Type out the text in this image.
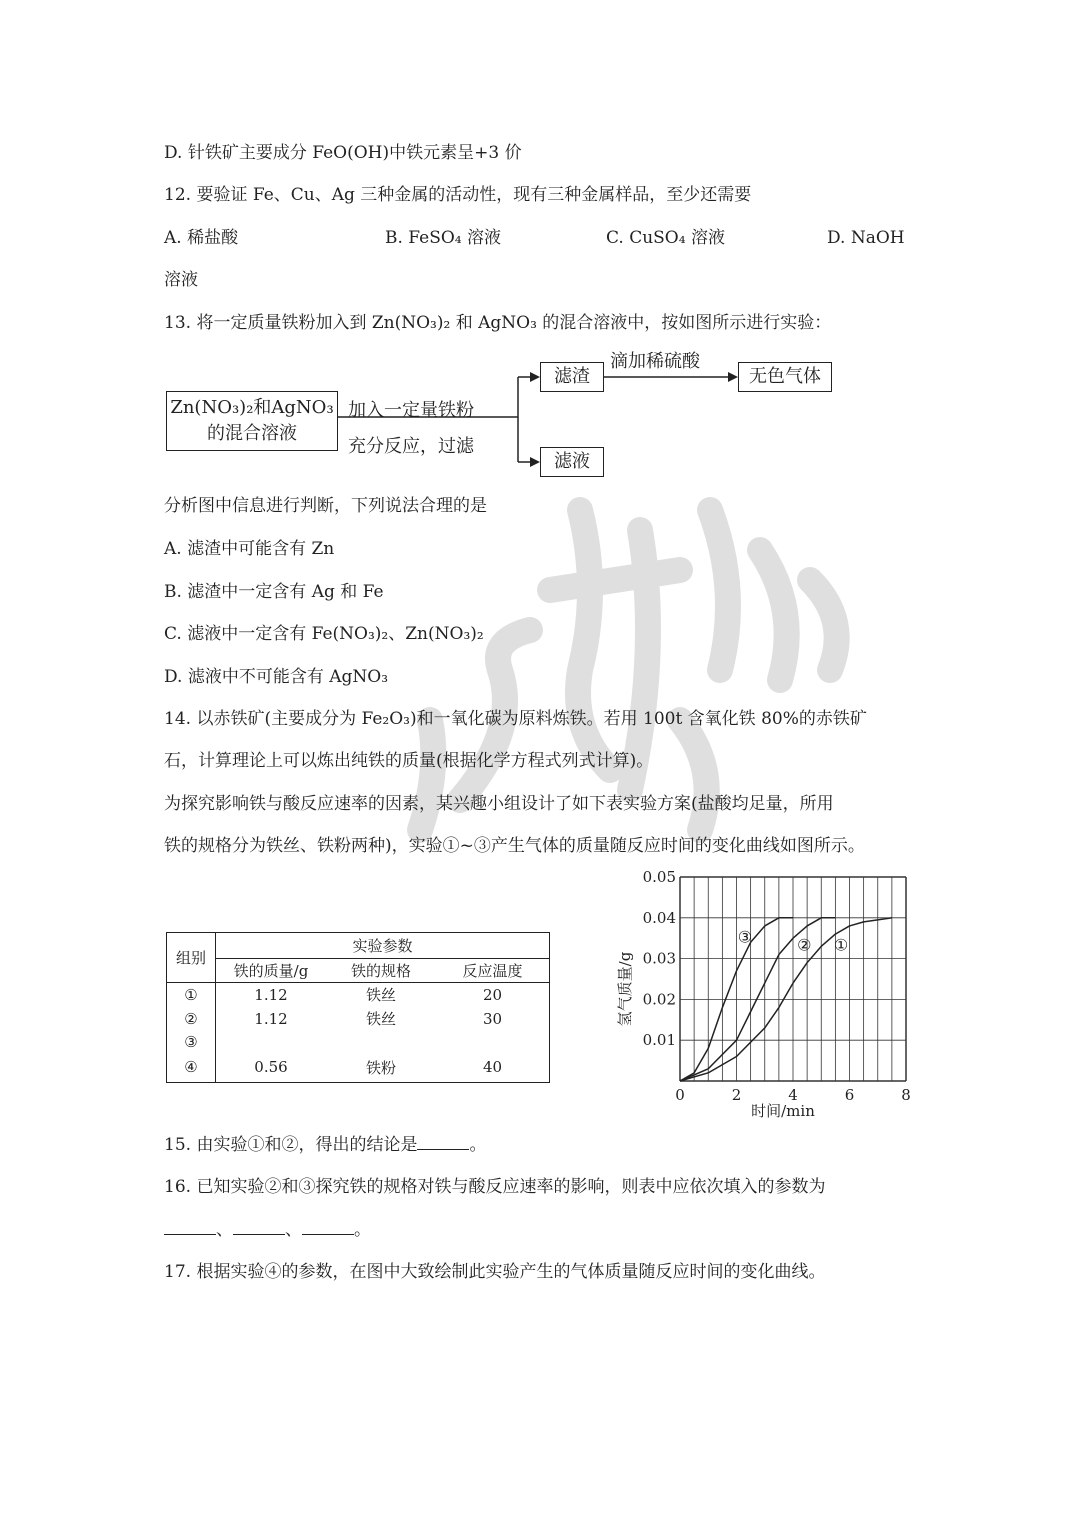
D. 针铁矿主要成分 FeO(OH)中铁元素呈+3 价
12. 要验证 Fe、Cu、Ag 三种金属的活动性，现有三种金属样品，至少还需要
A. 稀盐酸	B. FeSO₄ 溶液	C. CuSO₄ 溶液	D. NaOH
溶液
13. 将一定质量铁粉加入到 Zn(NO₃)₂ 和 AgNO₃ 的混合溶液中，按如图所示进行实验：
Zn(NO₃)₂和AgNO₃
的混合溶液
加入一定量铁粉
充分反应，过滤
滤渣
滴加稀硫酸
无色气体
滤液
分析图中信息进行判断，下列说法合理的是
A. 滤渣中可能含有 Zn
B. 滤渣中一定含有 Ag 和 Fe
C. 滤液中一定含有 Fe(NO₃)₂、Zn(NO₃)₂
D. 滤液中不可能含有 AgNO₃
14. 以赤铁矿(主要成分为 Fe₂O₃)和一氧化碳为原料炼铁。若用 100t 含氧化铁 80%的赤铁矿
石，计算理论上可以炼出纯铁的质量(根据化学方程式列式计算)。
为探究影响铁与酸反应速率的因素，某兴趣小组设计了如下表实验方案(盐酸均足量，所用
铁的规格分为铁丝、铁粉两种)，实验①~③产生气体的质量随反应时间的变化曲线如图所示。
组别	实验参数		
	铁的质量/g	铁的规格	反应温度
①	1.12	铁丝	20
②	1.12	铁丝	30
③			
④	0.56	铁粉	40
0	2	4	6	8
0.01
0.02
0.03
0.04
0.05
时间/min
氢气质量/g
③	② ①
15. 由实验①和②，得出的结论是	。
16. 已知实验②和③探究铁的规格对铁与酸反应速率的影响，则表中应依次填入的参数为
、	、	。
17. 根据实验④的参数，在图中大致绘制此实验产生的气体质量随反应时间的变化曲线。
